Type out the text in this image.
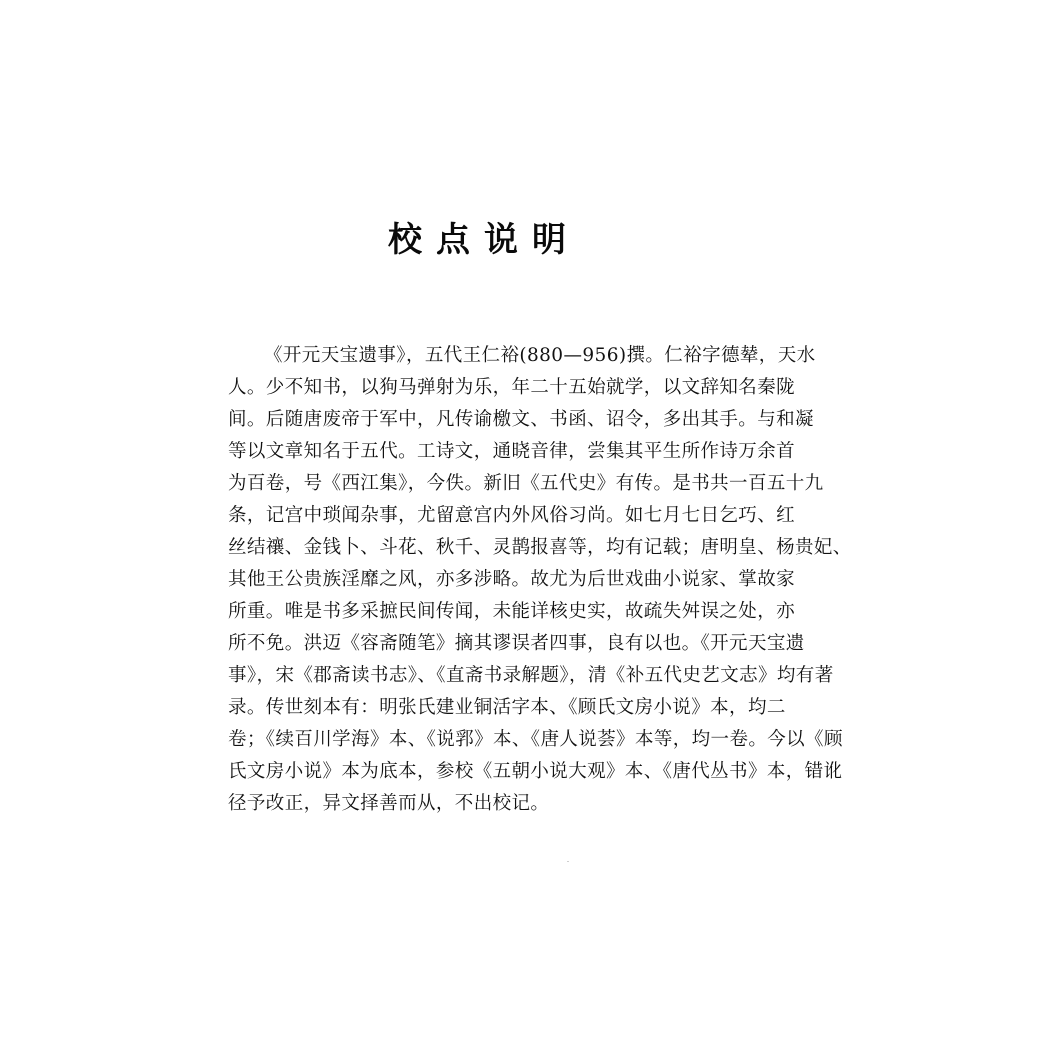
校点说明
《开元天宝遗事》，五代王仁裕(880—956)撰。仁裕字德辇，天水
人。少不知书，以狗马弹射为乐，年二十五始就学，以文辞知名秦陇
间。后随唐废帝于军中，凡传谕檄文、书函、诏令，多出其手。与和凝
等以文章知名于五代。工诗文，通晓音律，尝集其平生所作诗万余首
为百卷，号《西江集》，今佚。新旧《五代史》有传。是书共一百五十九
条，记宫中琐闻杂事，尤留意宫内外风俗习尚。如七月七日乞巧、红
丝结禳、金钱卜、斗花、秋千、灵鹊报喜等，均有记载；唐明皇、杨贵妃、
其他王公贵族淫靡之风，亦多涉略。故尤为后世戏曲小说家、掌故家
所重。唯是书多采摭民间传闻，未能详核史实，故疏失舛误之处，亦
所不免。洪迈《容斋随笔》摘其谬误者四事，良有以也。《开元天宝遗
事》，宋《郡斋读书志》、《直斋书录解题》，清《补五代史艺文志》均有著
录。传世刻本有：明张氏建业铜活字本、《顾氏文房小说》本，均二
卷；《续百川学海》本、《说郛》本、《唐人说荟》本等，均一卷。今以《顾
氏文房小说》本为底本，参校《五朝小说大观》本、《唐代丛书》本，错讹
径予改正，异文择善而从，不出校记。
